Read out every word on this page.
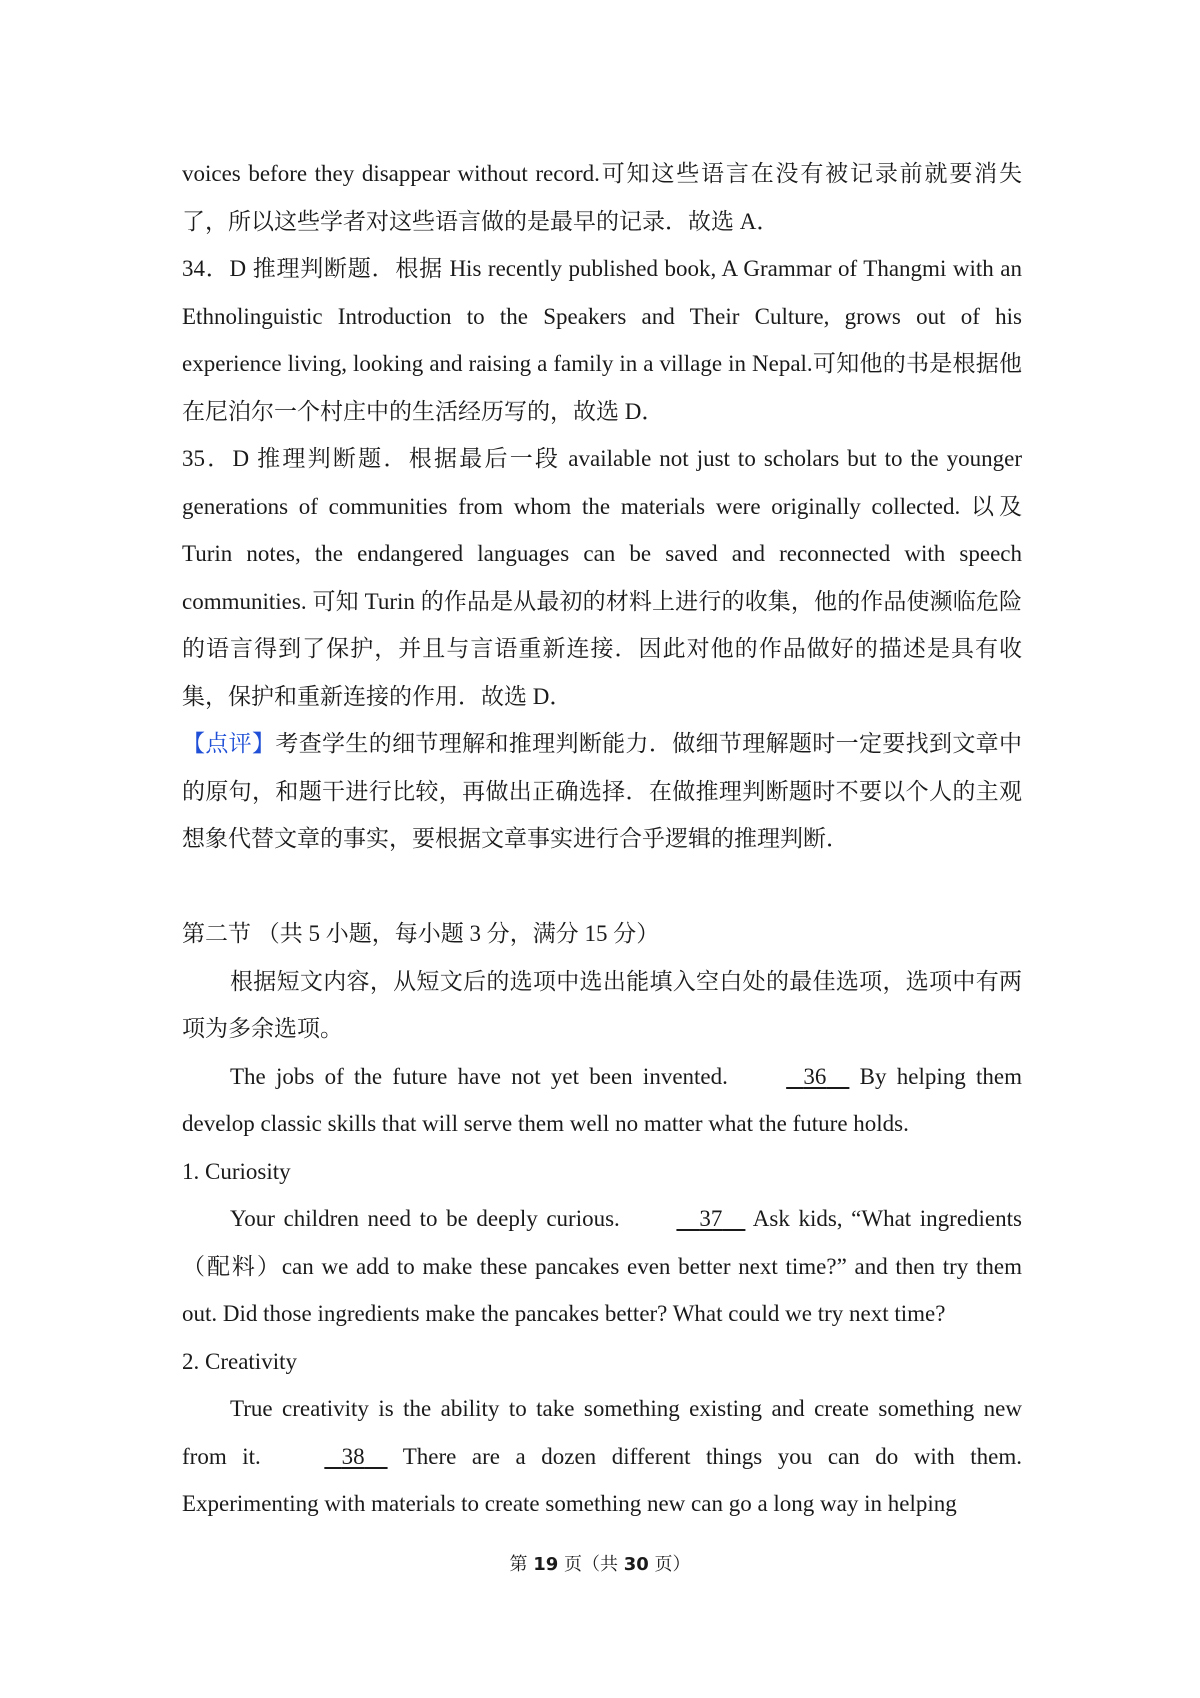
voices before they disappear without record.可知这些语言在没有被记录前就要消失了，所以这些学者对这些语言做的是最早的记录．故选 A．

34．D 推理判断题．根据 His recently published book, A Grammar of Thangmi with an Ethnolinguistic Introduction to the Speakers and Their Culture, grows out of his experience living, looking and raising a family in a village in Nepal.可知他的书是根据他在尼泊尔一个村庄中的生活经历写的，故选 D．

35．D 推理判断题．根据最后一段 available not just to scholars but to the younger generations of communities from whom the materials were originally collected. 以及 Turin notes, the endangered languages can be saved and reconnected with speech communities. 可知 Turin 的作品是从最初的材料上进行的收集，他的作品使濒临危险的语言得到了保护，并且与言语重新连接．因此对他的作品做好的描述是具有收集，保护和重新连接的作用．故选 D．

【点评】考查学生的细节理解和推理判断能力．做细节理解题时一定要找到文章中的原句，和题干进行比较，再做出正确选择．在做推理判断题时不要以个人的主观想象代替文章的事实，要根据文章事实进行合乎逻辑的推理判断．

第二节 （共 5 小题，每小题 3 分，满分 15 分）

根据短文内容，从短文后的选项中选出能填入空白处的最佳选项，选项中有两项为多余选项。

The jobs of the future have not yet been invented.	36     By helping them develop classic skills that will serve them well no matter what the future holds.

1. Curiosity

Your children need to be deeply curious.	37     Ask kids, “What ingredients（配料）can we add to make these pancakes even better next time?” and then try them out. Did those ingredients make the pancakes better? What could we try next time?

2. Creativity

True creativity is the ability to take something existing and create something new from it.	38     There are a dozen different things you can do with them. Experimenting with materials to create something new can go a long way in helping

第 19 页（共 30 页）
